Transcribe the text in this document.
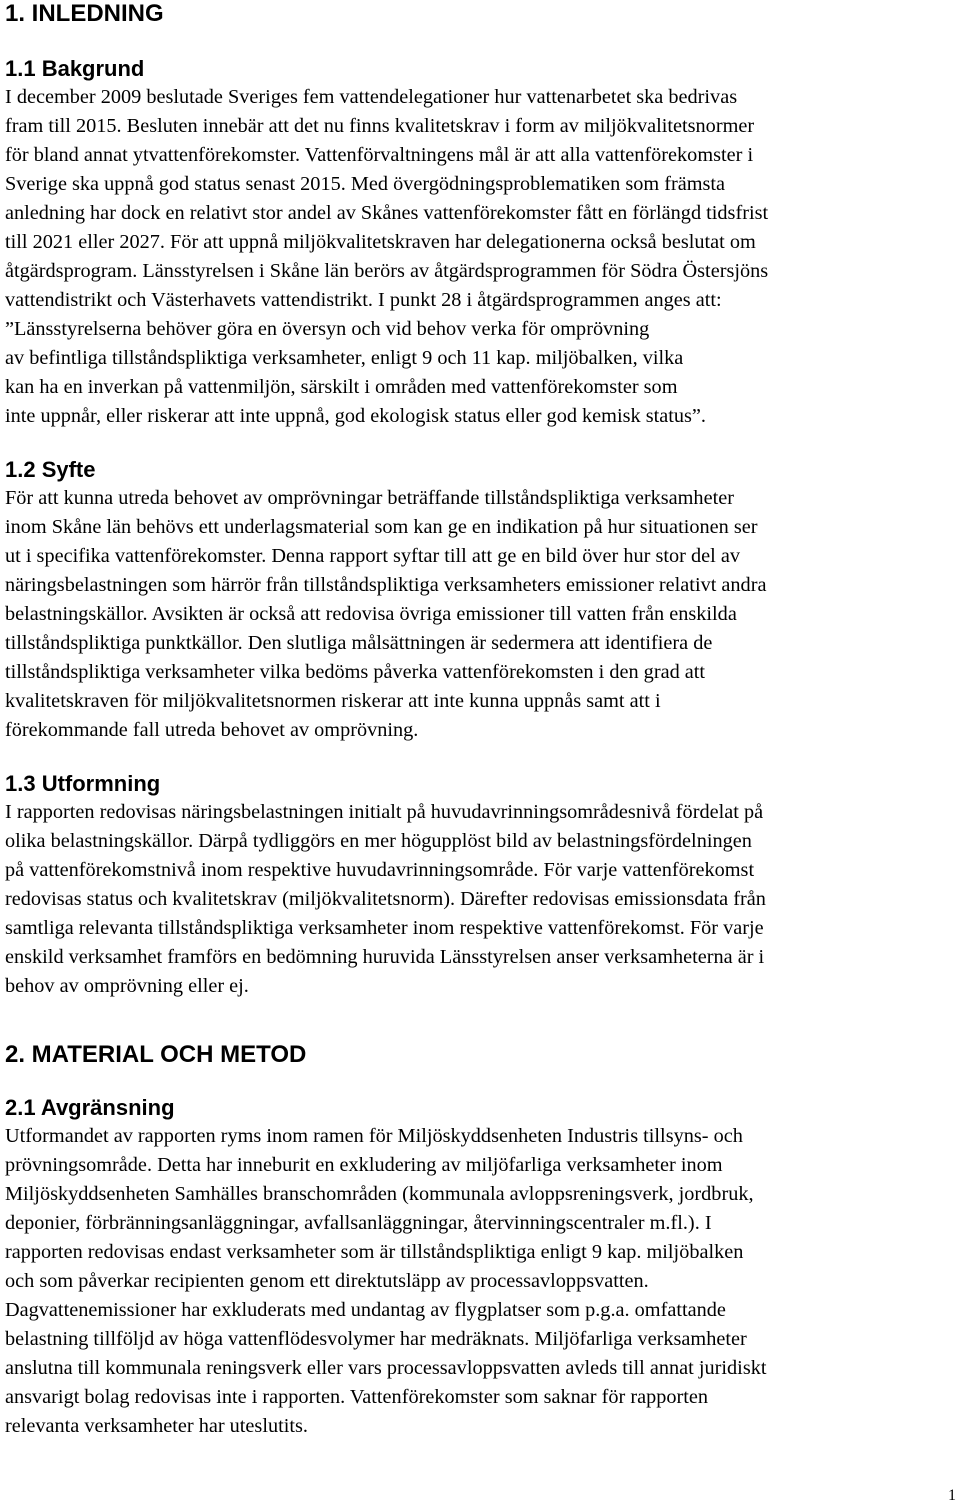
1. INLEDNING
1.1 Bakgrund

I december 2009 beslutade Sveriges fem vattendelegationer hur vattenarbetet ska bedrivas
fram till 2015. Besluten innebär att det nu finns kvalitetskrav i form av miljökvalitetsnormer
för bland annat ytvattenförekomster. Vattenförvaltningens mål är att alla vattenförekomster i
Sverige ska uppnå god status senast 2015. Med övergödningsproblematiken som främsta
anledning har dock en relativt stor andel av Skånes vattenförekomster fått en förlängd tidsfrist
till 2021 eller 2027. För att uppnå miljökvalitetskraven har delegationerna också beslutat om
åtgärdsprogram. Länsstyrelsen i Skåne län berörs av åtgärdsprogrammen för Södra Östersjöns
vattendistrikt och Västerhavets vattendistrikt. I punkt 28 i åtgärdsprogrammen anges att:
”Länsstyrelserna behöver göra en översyn och vid behov verka för omprövning
av befintliga tillståndspliktiga verksamheter, enligt 9 och 11 kap. miljöbalken, vilka
kan ha en inverkan på vattenmiljön, särskilt i områden med vattenförekomster som
inte uppnår, eller riskerar att inte uppnå, god ekologisk status eller god kemisk status”.

1.2 Syfte

För att kunna utreda behovet av omprövningar beträffande tillståndspliktiga verksamheter
inom Skåne län behövs ett underlagsmaterial som kan ge en indikation på hur situationen ser
ut i specifika vattenförekomster. Denna rapport syftar till att ge en bild över hur stor del av
näringsbelastningen som härrör från tillståndspliktiga verksamheters emissioner relativt andra
belastningskällor. Avsikten är också att redovisa övriga emissioner till vatten från enskilda
tillståndspliktiga punktkällor. Den slutliga målsättningen är sedermera att identifiera de
tillståndspliktiga verksamheter vilka bedöms påverka vattenförekomsten i den grad att
kvalitetskraven för miljökvalitetsnormen riskerar att inte kunna uppnås samt att i
förekommande fall utreda behovet av omprövning.

1.3 Utformning

I rapporten redovisas näringsbelastningen initialt på huvudavrinningsområdesnivå fördelat på
olika belastningskällor. Därpå tydliggörs en mer högupplöst bild av belastningsfördelningen
på vattenförekomstnivå inom respektive huvudavrinningsområde. För varje vattenförekomst
redovisas status och kvalitetskrav (miljökvalitetsnorm). Därefter redovisas emissionsdata från
samtliga relevanta tillståndspliktiga verksamheter inom respektive vattenförekomst. För varje
enskild verksamhet framförs en bedömning huruvida Länsstyrelsen anser verksamheterna är i
behov av omprövning eller ej.

2. MATERIAL OCH METOD
2.1 Avgränsning

Utformandet av rapporten ryms inom ramen för Miljöskyddsenheten Industris tillsyns- och
prövningsområde. Detta har inneburit en exkludering av miljöfarliga verksamheter inom
Miljöskyddsenheten Samhälles branschområden (kommunala avloppsreningsverk, jordbruk,
deponier, förbränningsanläggningar, avfallsanläggningar, återvinningscentraler m.fl.). I
rapporten redovisas endast verksamheter som är tillståndspliktiga enligt 9 kap. miljöbalken
och som påverkar recipienten genom ett direktutsläpp av processavloppsvatten.
Dagvattenemissioner har exkluderats med undantag av flygplatser som p.g.a. omfattande
belastning tillföljd av höga vattenflödesvolymer har medräknats. Miljöfarliga verksamheter
anslutna till kommunala reningsverk eller vars processavloppsvatten avleds till annat juridiskt
ansvarigt bolag redovisas inte i rapporten. Vattenförekomster som saknar för rapporten
relevanta verksamheter har uteslutits.

1
